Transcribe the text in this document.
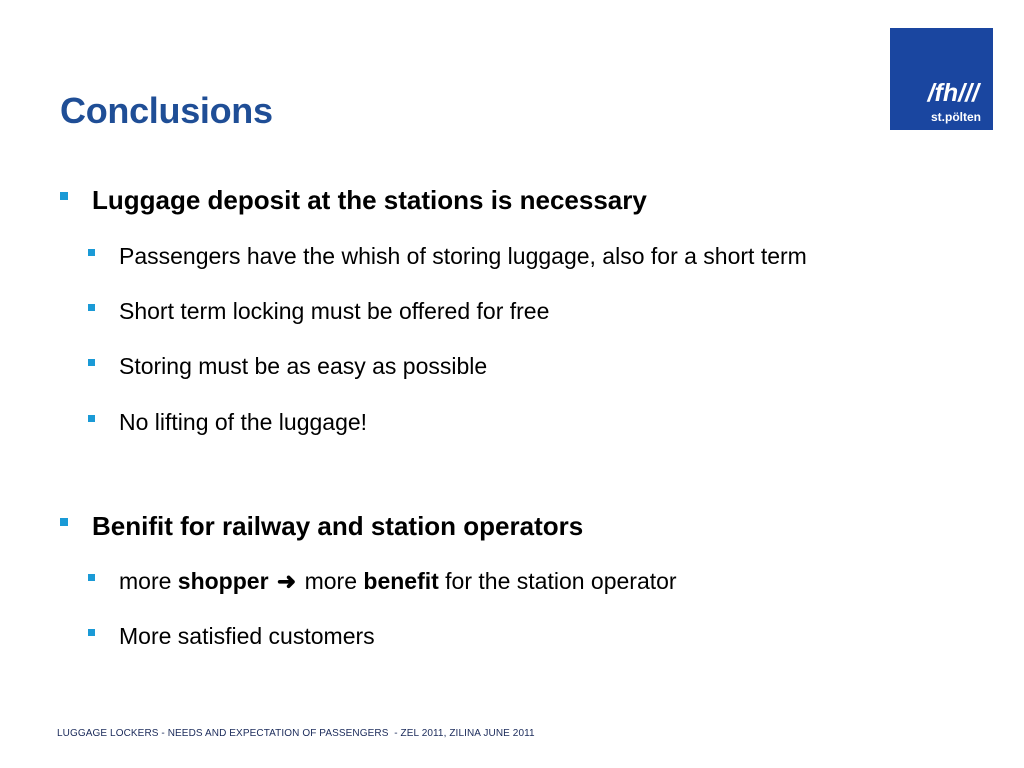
Conclusions	/fh///
st.pölten
Luggage deposit at the stations is necessary
Passengers have the whish of storing luggage, also for a short term
Short term locking must be offered for free
Storing must be as easy as possible
No lifting of the luggage!
Benifit for railway and station operators
more shopper ➜ more benefit for the station operator
More satisfied customers
LUGGAGE LOCKERS - NEEDS AND EXPECTATION OF PASSENGERS  - ZEL 2011, ZILINA JUNE 2011
